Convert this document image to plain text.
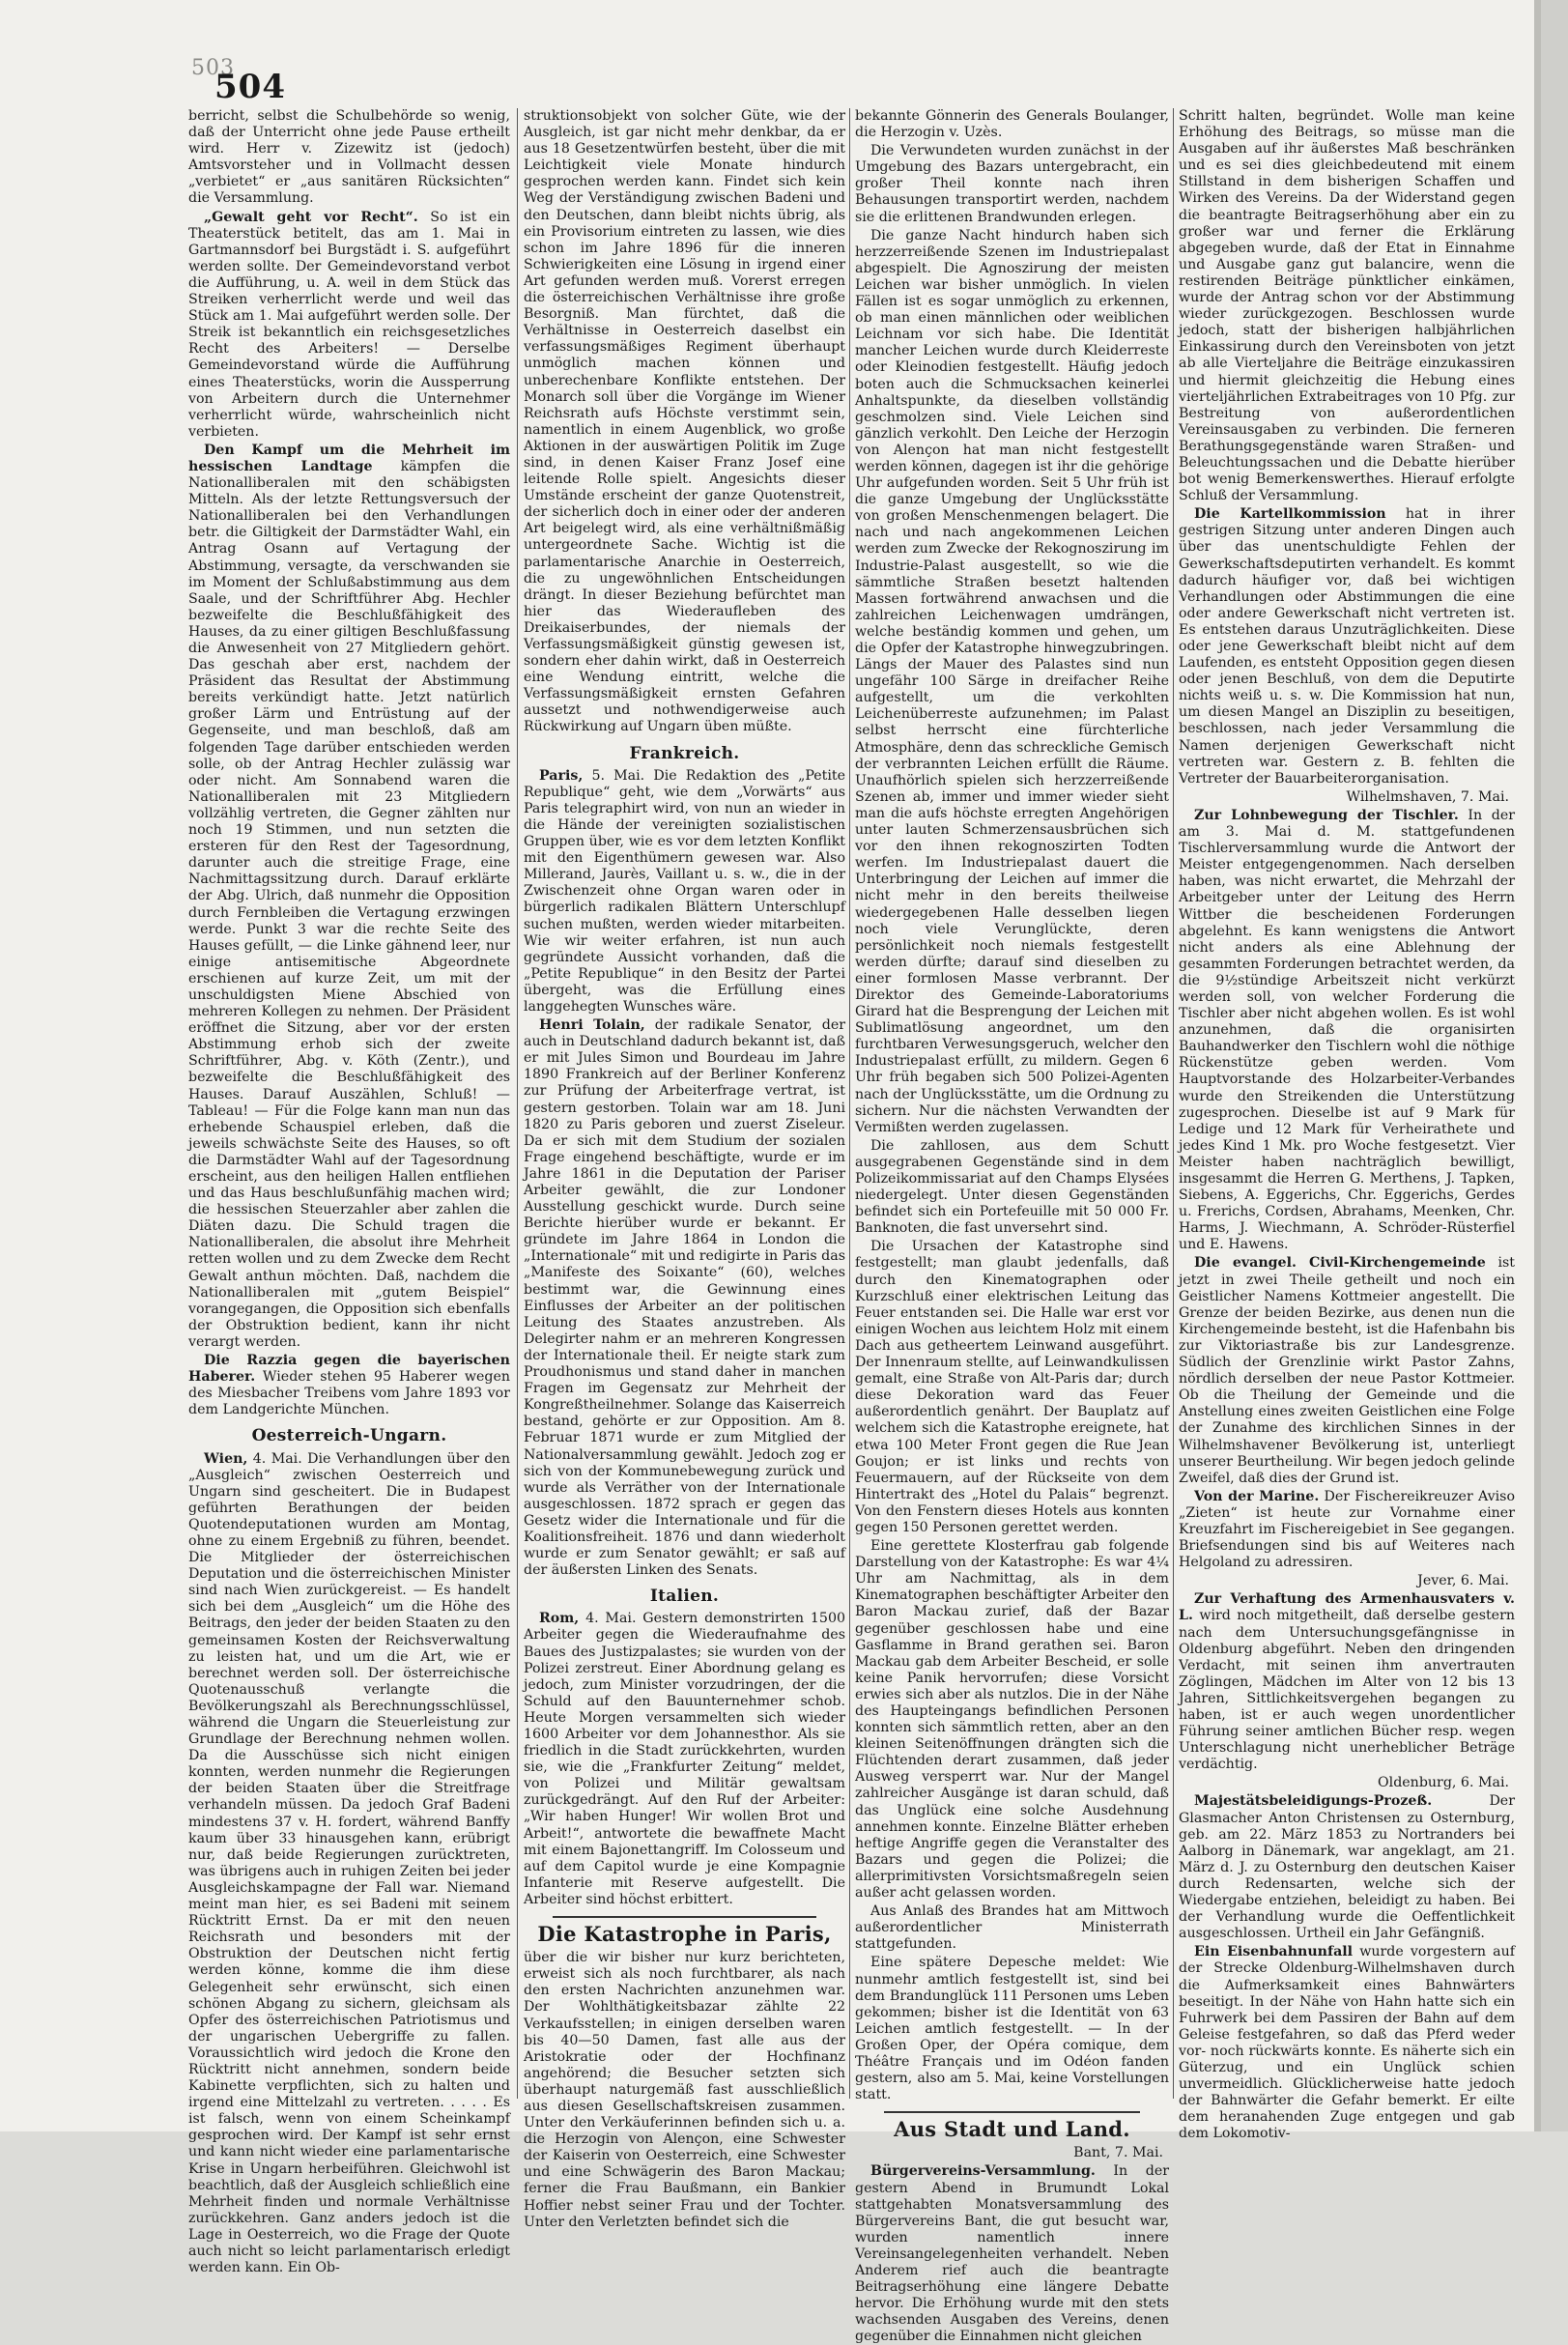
503
504

berricht, selbst die Schulbehörde so wenig, daß der Unterricht ohne jede Pause ertheilt wird. Herr v. Zizewitz ist (jedoch) Amtsvorsteher und in Vollmacht dessen „verbietet“ er „aus sanitären Rücksichten“ die Versammlung.

„Gewalt geht vor Recht“. So ist ein Theaterstück betitelt, das am 1. Mai in Gartmannsdorf bei Burgstädt i. S. aufgeführt werden sollte. Der Gemeindevorstand verbot die Aufführung, u. A. weil in dem Stück das Streiken verherrlicht werde und weil das Stück am 1. Mai aufgeführt werden solle. Der Streik ist bekanntlich ein reichsgesetzliches Recht des Arbeiters! — Derselbe Gemeindevorstand würde die Aufführung eines Theaterstücks, worin die Aussperrung von Arbeitern durch die Unternehmer verherrlicht würde, wahrscheinlich nicht verbieten.

Den Kampf um die Mehrheit im hessischen Landtage kämpfen die Nationalliberalen mit den schäbigsten Mitteln. Als der letzte Rettungsversuch der Nationalliberalen bei den Verhandlungen betr. die Giltigkeit der Darmstädter Wahl, ein Antrag Osann auf Vertagung der Abstimmung, versagte, da verschwanden sie im Moment der Schlußabstimmung aus dem Saale, und der Schriftführer Abg. Hechler bezweifelte die Beschlußfähigkeit des Hauses, da zu einer giltigen Beschlußfassung die Anwesenheit von 27 Mitgliedern gehört. Das geschah aber erst, nachdem der Präsident das Resultat der Abstimmung bereits verkündigt hatte. Jetzt natürlich großer Lärm und Entrüstung auf der Gegenseite, und man beschloß, daß am folgenden Tage darüber entschieden werden solle, ob der Antrag Hechler zulässig war oder nicht. Am Sonnabend waren die Nationalliberalen mit 23 Mitgliedern vollzählig vertreten, die Gegner zählten nur noch 19 Stimmen, und nun setzten die ersteren für den Rest der Tagesordnung, darunter auch die streitige Frage, eine Nachmittagssitzung durch. Darauf erklärte der Abg. Ulrich, daß nunmehr die Opposition durch Fernbleiben die Vertagung erzwingen werde. Punkt 3 war die rechte Seite des Hauses gefüllt, — die Linke gähnend leer, nur einige antisemitische Abgeordnete erschienen auf kurze Zeit, um mit der unschuldigsten Miene Abschied von mehreren Kollegen zu nehmen. Der Präsident eröffnet die Sitzung, aber vor der ersten Abstimmung erhob sich der zweite Schriftführer, Abg. v. Köth (Zentr.), und bezweifelte die Beschlußfähigkeit des Hauses. Darauf Auszählen, Schluß! — Tableau! — Für die Folge kann man nun das erhebende Schauspiel erleben, daß die jeweils schwächste Seite des Hauses, so oft die Darmstädter Wahl auf der Tagesordnung erscheint, aus den heiligen Hallen entfliehen und das Haus beschlußunfähig machen wird; die hessischen Steuerzahler aber zahlen die Diäten dazu. Die Schuld tragen die Nationalliberalen, die absolut ihre Mehrheit retten wollen und zu dem Zwecke dem Recht Gewalt anthun möchten. Daß, nachdem die Nationalliberalen mit „gutem Beispiel“ vorangegangen, die Opposition sich ebenfalls der Obstruktion bedient, kann ihr nicht verargt werden.

Die Razzia gegen die bayerischen Haberer. Wieder stehen 95 Haberer wegen des Miesbacher Treibens vom Jahre 1893 vor dem Landgerichte München.

Oesterreich-Ungarn.

Wien, 4. Mai. Die Verhandlungen über den „Ausgleich“ zwischen Oesterreich und Ungarn sind gescheitert. Die in Budapest geführten Berathungen der beiden Quotendeputationen wurden am Montag, ohne zu einem Ergebniß zu führen, beendet. Die Mitglieder der österreichischen Deputation und die österreichischen Minister sind nach Wien zurückgereist. — Es handelt sich bei dem „Ausgleich“ um die Höhe des Beitrags, den jeder der beiden Staaten zu den gemeinsamen Kosten der Reichsverwaltung zu leisten hat, und um die Art, wie er berechnet werden soll. Der österreichische Quotenausschuß verlangte die Bevölkerungszahl als Berechnungsschlüssel, während die Ungarn die Steuerleistung zur Grundlage der Berechnung nehmen wollen. Da die Ausschüsse sich nicht einigen konnten, werden nunmehr die Regierungen der beiden Staaten über die Streitfrage verhandeln müssen. Da jedoch Graf Badeni mindestens 37 v. H. fordert, während Banffy kaum über 33 hinausgehen kann, erübrigt nur, daß beide Regierungen zurücktreten, was übrigens auch in ruhigen Zeiten bei jeder Ausgleichskampagne der Fall war. Niemand meint man hier, es sei Badeni mit seinem Rücktritt Ernst. Da er mit den neuen Reichsrath und besonders mit der Obstruktion der Deutschen nicht fertig werden könne, komme die ihm diese Gelegenheit sehr erwünscht, sich einen schönen Abgang zu sichern, gleichsam als Opfer des österreichischen Patriotismus und der ungarischen Uebergriffe zu fallen. Voraussichtlich wird jedoch die Krone den Rücktritt nicht annehmen, sondern beide Kabinette verpflichten, sich zu halten und irgend eine Mittelzahl zu vertreten. . . . . Es ist falsch, wenn von einem Scheinkampf gesprochen wird. Der Kampf ist sehr ernst und kann nicht wieder eine parlamentarische Krise in Ungarn herbeiführen. Gleichwohl ist beachtlich, daß der Ausgleich schließlich eine Mehrheit finden und normale Verhältnisse zurückkehren. Ganz anders jedoch ist die Lage in Oesterreich, wo die Frage der Quote auch nicht so leicht parlamentarisch erledigt werden kann. Ein Ob-

struktionsobjekt von solcher Güte, wie der Ausgleich, ist gar nicht mehr denkbar, da er aus 18 Gesetzentwürfen besteht, über die mit Leichtigkeit viele Monate hindurch gesprochen werden kann. Findet sich kein Weg der Verständigung zwischen Badeni und den Deutschen, dann bleibt nichts übrig, als ein Provisorium eintreten zu lassen, wie dies schon im Jahre 1896 für die inneren Schwierigkeiten eine Lösung in irgend einer Art gefunden werden muß. Vorerst erregen die österreichischen Verhältnisse ihre große Besorgniß. Man fürchtet, daß die Verhältnisse in Oesterreich daselbst ein verfassungsmäßiges Regiment überhaupt unmöglich machen können und unberechenbare Konflikte entstehen. Der Monarch soll über die Vorgänge im Wiener Reichsrath aufs Höchste verstimmt sein, namentlich in einem Augenblick, wo große Aktionen in der auswärtigen Politik im Zuge sind, in denen Kaiser Franz Josef eine leitende Rolle spielt. Angesichts dieser Umstände erscheint der ganze Quotenstreit, der sicherlich doch in einer oder der anderen Art beigelegt wird, als eine verhältnißmäßig untergeordnete Sache. Wichtig ist die parlamentarische Anarchie in Oesterreich, die zu ungewöhnlichen Entscheidungen drängt. In dieser Beziehung befürchtet man hier das Wiederaufleben des Dreikaiserbundes, der niemals der Verfassungsmäßigkeit günstig gewesen ist, sondern eher dahin wirkt, daß in Oesterreich eine Wendung eintritt, welche die Verfassungsmäßigkeit ernsten Gefahren aussetzt und nothwendigerweise auch Rückwirkung auf Ungarn üben müßte.

Frankreich.

Paris, 5. Mai. Die Redaktion des „Petite Republique“ geht, wie dem „Vorwärts“ aus Paris telegraphirt wird, von nun an wieder in die Hände der vereinigten sozialistischen Gruppen über, wie es vor dem letzten Konflikt mit den Eigenthümern gewesen war. Also Millerand, Jaurès, Vaillant u. s. w., die in der Zwischenzeit ohne Organ waren oder in bürgerlich radikalen Blättern Unterschlupf suchen mußten, werden wieder mitarbeiten. Wie wir weiter erfahren, ist nun auch gegründete Aussicht vorhanden, daß die „Petite Republique“ in den Besitz der Partei übergeht, was die Erfüllung eines langgehegten Wunsches wäre.

Henri Tolain, der radikale Senator, der auch in Deutschland dadurch bekannt ist, daß er mit Jules Simon und Bourdeau im Jahre 1890 Frankreich auf der Berliner Konferenz zur Prüfung der Arbeiterfrage vertrat, ist gestern gestorben. Tolain war am 18. Juni 1820 zu Paris geboren und zuerst Ziseleur. Da er sich mit dem Studium der sozialen Frage eingehend beschäftigte, wurde er im Jahre 1861 in die Deputation der Pariser Arbeiter gewählt, die zur Londoner Ausstellung geschickt wurde. Durch seine Berichte hierüber wurde er bekannt. Er gründete im Jahre 1864 in London die „Internationale“ mit und redigirte in Paris das „Manifeste des Soixante“ (60), welches bestimmt war, die Gewinnung eines Einflusses der Arbeiter an der politischen Leitung des Staates anzustreben. Als Delegirter nahm er an mehreren Kongressen der Internationale theil. Er neigte stark zum Proudhonismus und stand daher in manchen Fragen im Gegensatz zur Mehrheit der Kongreßtheilnehmer. Solange das Kaiserreich bestand, gehörte er zur Opposition. Am 8. Februar 1871 wurde er zum Mitglied der Nationalversammlung gewählt. Jedoch zog er sich von der Kommunebewegung zurück und wurde als Verräther von der Internationale ausgeschlossen. 1872 sprach er gegen das Gesetz wider die Internationale und für die Koalitionsfreiheit. 1876 und dann wiederholt wurde er zum Senator gewählt; er saß auf der äußersten Linken des Senats.

Italien.

Rom, 4. Mai. Gestern demonstrirten 1500 Arbeiter gegen die Wiederaufnahme des Baues des Justizpalastes; sie wurden von der Polizei zerstreut. Einer Abordnung gelang es jedoch, zum Minister vorzudringen, der die Schuld auf den Bauunternehmer schob. Heute Morgen versammelten sich wieder 1600 Arbeiter vor dem Johannesthor. Als sie friedlich in die Stadt zurückkehrten, wurden sie, wie die „Frankfurter Zeitung“ meldet, von Polizei und Militär gewaltsam zurückgedrängt. Auf den Ruf der Arbeiter: „Wir haben Hunger! Wir wollen Brot und Arbeit!“, antwortete die bewaffnete Macht mit einem Bajonettangriff. Im Colosseum und auf dem Capitol wurde je eine Kompagnie Infanterie mit Reserve aufgestellt. Die Arbeiter sind höchst erbittert.

Die Katastrophe in Paris,

über die wir bisher nur kurz berichteten, erweist sich als noch furchtbarer, als nach den ersten Nachrichten anzunehmen war. Der Wohlthätigkeitsbazar zählte 22 Verkaufsstellen; in einigen derselben waren bis 40—50 Damen, fast alle aus der Aristokratie oder der Hochfinanz angehörend; die Besucher setzten sich überhaupt naturgemäß fast ausschließlich aus diesen Gesellschaftskreisen zusammen. Unter den Verkäuferinnen befinden sich u. a. die Herzogin von Alençon, eine Schwester der Kaiserin von Oesterreich, eine Schwester und eine Schwägerin des Baron Mackau; ferner die Frau Baußmann, ein Bankier Hoffier nebst seiner Frau und der Tochter. Unter den Verletzten befindet sich die

bekannte Gönnerin des Generals Boulanger, die Herzogin v. Uzès.

Die Verwundeten wurden zunächst in der Umgebung des Bazars untergebracht, ein großer Theil konnte nach ihren Behausungen transportirt werden, nachdem sie die erlittenen Brandwunden erlegen.

Die ganze Nacht hindurch haben sich herzzerreißende Szenen im Industriepalast abgespielt. Die Agnoszirung der meisten Leichen war bisher unmöglich. In vielen Fällen ist es sogar unmöglich zu erkennen, ob man einen männlichen oder weiblichen Leichnam vor sich habe. Die Identität mancher Leichen wurde durch Kleiderreste oder Kleinodien festgestellt. Häufig jedoch boten auch die Schmucksachen keinerlei Anhaltspunkte, da dieselben vollständig geschmolzen sind. Viele Leichen sind gänzlich verkohlt. Den Leiche der Herzogin von Alençon hat man nicht festgestellt werden können, dagegen ist ihr die gehörige Uhr aufgefunden worden. Seit 5 Uhr früh ist die ganze Umgebung der Unglücksstätte von großen Menschenmengen belagert. Die nach und nach angekommenen Leichen werden zum Zwecke der Rekognoszirung im Industrie-Palast ausgestellt, so wie die sämmtliche Straßen besetzt haltenden Massen fortwährend anwachsen und die zahlreichen Leichenwagen umdrängen, welche beständig kommen und gehen, um die Opfer der Katastrophe hinwegzubringen. Längs der Mauer des Palastes sind nun ungefähr 100 Särge in dreifacher Reihe aufgestellt, um die verkohlten Leichenüberreste aufzunehmen; im Palast selbst herrscht eine fürchterliche Atmosphäre, denn das schreckliche Gemisch der verbrannten Leichen erfüllt die Räume. Unaufhörlich spielen sich herzzerreißende Szenen ab, immer und immer wieder sieht man die aufs höchste erregten Angehörigen unter lauten Schmerzensausbrüchen sich vor den ihnen rekognoszirten Todten werfen. Im Industriepalast dauert die Unterbringung der Leichen auf immer die nicht mehr in den bereits theilweise wiedergegebenen Halle desselben liegen noch viele Verunglückte, deren persönlichkeit noch niemals festgestellt werden dürfte; darauf sind dieselben zu einer formlosen Masse verbrannt. Der Direktor des Gemeinde-Laboratoriums Girard hat die Besprengung der Leichen mit Sublimatlösung angeordnet, um den furchtbaren Verwesungsgeruch, welcher den Industriepalast erfüllt, zu mildern. Gegen 6 Uhr früh begaben sich 500 Polizei-Agenten nach der Unglücksstätte, um die Ordnung zu sichern. Nur die nächsten Verwandten der Vermißten werden zugelassen.

Die zahllosen, aus dem Schutt ausgegrabenen Gegenstände sind in dem Polizeikommissariat auf den Champs Elysées niedergelegt. Unter diesen Gegenständen befindet sich ein Portefeuille mit 50 000 Fr. Banknoten, die fast unversehrt sind.

Die Ursachen der Katastrophe sind festgestellt; man glaubt jedenfalls, daß durch den Kinematographen oder Kurzschluß einer elektrischen Leitung das Feuer entstanden sei. Die Halle war erst vor einigen Wochen aus leichtem Holz mit einem Dach aus getheertem Leinwand ausgeführt. Der Innenraum stellte, auf Leinwandkulissen gemalt, eine Straße von Alt-Paris dar; durch diese Dekoration ward das Feuer außerordentlich genährt. Der Bauplatz auf welchem sich die Katastrophe ereignete, hat etwa 100 Meter Front gegen die Rue Jean Goujon; er ist links und rechts von Feuermauern, auf der Rückseite von dem Hintertrakt des „Hotel du Palais“ begrenzt. Von den Fenstern dieses Hotels aus konnten gegen 150 Personen gerettet werden.

Eine gerettete Klosterfrau gab folgende Darstellung von der Katastrophe: Es war 4¼ Uhr am Nachmittag, als in dem Kinematographen beschäftigter Arbeiter den Baron Mackau zurief, daß der Bazar gegenüber geschlossen habe und eine Gasflamme in Brand gerathen sei. Baron Mackau gab dem Arbeiter Bescheid, er solle keine Panik hervorrufen; diese Vorsicht erwies sich aber als nutzlos. Die in der Nähe des Haupteingangs befindlichen Personen konnten sich sämmtlich retten, aber an den kleinen Seitenöffnungen drängten sich die Flüchtenden derart zusammen, daß jeder Ausweg versperrt war. Nur der Mangel zahlreicher Ausgänge ist daran schuld, daß das Unglück eine solche Ausdehnung annehmen konnte. Einzelne Blätter erheben heftige Angriffe gegen die Veranstalter des Bazars und gegen die Polizei; die allerprimitivsten Vorsichtsmaßregeln seien außer acht gelassen worden.

Aus Anlaß des Brandes hat am Mittwoch außerordentlicher Ministerrath stattgefunden.

Eine spätere Depesche meldet: Wie nunmehr amtlich festgestellt ist, sind bei dem Brandunglück 111 Personen ums Leben gekommen; bisher ist die Identität von 63 Leichen amtlich festgestellt. — In der Großen Oper, der Opéra comique, dem Théâtre Français und im Odéon fanden gestern, also am 5. Mai, keine Vorstellungen statt.

Aus Stadt und Land.
Bant, 7. Mai.

Bürgervereins-Versammlung. In der gestern Abend in Brumundt Lokal stattgehabten Monatsversammlung des Bürgervereins Bant, die gut besucht war, wurden namentlich innere Vereinsangelegenheiten verhandelt. Neben Anderem rief auch die beantragte Beitragserhöhung eine längere Debatte hervor. Die Erhöhung wurde mit den stets wachsenden Ausgaben des Vereins, denen gegenüber die Einnahmen nicht gleichen

Schritt halten, begründet. Wolle man keine Erhöhung des Beitrags, so müsse man die Ausgaben auf ihr äußerstes Maß beschränken und es sei dies gleichbedeutend mit einem Stillstand in dem bisherigen Schaffen und Wirken des Vereins. Da der Widerstand gegen die beantragte Beitragserhöhung aber ein zu großer war und ferner die Erklärung abgegeben wurde, daß der Etat in Einnahme und Ausgabe ganz gut balancire, wenn die restirenden Beiträge pünktlicher einkämen, wurde der Antrag schon vor der Abstimmung wieder zurückgezogen. Beschlossen wurde jedoch, statt der bisherigen halbjährlichen Einkassirung durch den Vereinsboten von jetzt ab alle Vierteljahre die Beiträge einzukassiren und hiermit gleichzeitig die Hebung eines vierteljährlichen Extrabeitrages von 10 Pfg. zur Bestreitung von außerordentlichen Vereinsausgaben zu verbinden. Die ferneren Berathungsgegenstände waren Straßen- und Beleuchtungssachen und die Debatte hierüber bot wenig Bemerkenswerthes. Hierauf erfolgte Schluß der Versammlung.

Die Kartellkommission hat in ihrer gestrigen Sitzung unter anderen Dingen auch über das unentschuldigte Fehlen der Gewerkschaftsdeputirten verhandelt. Es kommt dadurch häufiger vor, daß bei wichtigen Verhandlungen oder Abstimmungen die eine oder andere Gewerkschaft nicht vertreten ist. Es entstehen daraus Unzuträglichkeiten. Diese oder jene Gewerkschaft bleibt nicht auf dem Laufenden, es entsteht Opposition gegen diesen oder jenen Beschluß, von dem die Deputirte nichts weiß u. s. w. Die Kommission hat nun, um diesen Mangel an Disziplin zu beseitigen, beschlossen, nach jeder Versammlung die Namen derjenigen Gewerkschaft nicht vertreten war. Gestern z. B. fehlten die Vertreter der Bauarbeiterorganisation.

Wilhelmshaven, 7. Mai.

Zur Lohnbewegung der Tischler. In der am 3. Mai d. M. stattgefundenen Tischlerversammlung wurde die Antwort der Meister entgegengenommen. Nach derselben haben, was nicht erwartet, die Mehrzahl der Arbeitgeber unter der Leitung des Herrn Wittber die bescheidenen Forderungen abgelehnt. Es kann wenigstens die Antwort nicht anders als eine Ablehnung der gesammten Forderungen betrachtet werden, da die 9½stündige Arbeitszeit nicht verkürzt werden soll, von welcher Forderung die Tischler aber nicht abgehen wollen. Es ist wohl anzunehmen, daß die organisirten Bauhandwerker den Tischlern wohl die nöthige Rückenstütze geben werden. Vom Hauptvorstande des Holzarbeiter-Verbandes wurde den Streikenden die Unterstützung zugesprochen. Dieselbe ist auf 9 Mark für Ledige und 12 Mark für Verheirathete und jedes Kind 1 Mk. pro Woche festgesetzt. Vier Meister haben nachträglich bewilligt, insgesammt die Herren G. Merthens, J. Tapken, Siebens, A. Eggerichs, Chr. Eggerichs, Gerdes u. Frerichs, Cordsen, Abrahams, Meenken, Chr. Harms, J. Wiechmann, A. Schröder-Rüsterfiel und E. Hawens.

Die evangel. Civil-Kirchengemeinde ist jetzt in zwei Theile getheilt und noch ein Geistlicher Namens Kottmeier angestellt. Die Grenze der beiden Bezirke, aus denen nun die Kirchengemeinde besteht, ist die Hafenbahn bis zur Viktoriastraße bis zur Landesgrenze. Südlich der Grenzlinie wirkt Pastor Zahns, nördlich derselben der neue Pastor Kottmeier. Ob die Theilung der Gemeinde und die Anstellung eines zweiten Geistlichen eine Folge der Zunahme des kirchlichen Sinnes in der Wilhelmshavener Bevölkerung ist, unterliegt unserer Beurtheilung. Wir begen jedoch gelinde Zweifel, daß dies der Grund ist.

Von der Marine. Der Fischereikreuzer Aviso „Zieten“ ist heute zur Vornahme einer Kreuzfahrt im Fischereigebiet in See gegangen. Briefsendungen sind bis auf Weiteres nach Helgoland zu adressiren.

Jever, 6. Mai.

Zur Verhaftung des Armenhausvaters v. L. wird noch mitgetheilt, daß derselbe gestern nach dem Untersuchungsgefängnisse in Oldenburg abgeführt. Neben den dringenden Verdacht, mit seinen ihm anvertrauten Zöglingen, Mädchen im Alter von 12 bis 13 Jahren, Sittlichkeitsvergehen begangen zu haben, ist er auch wegen unordentlicher Führung seiner amtlichen Bücher resp. wegen Unterschlagung nicht unerheblicher Beträge verdächtig.

Oldenburg, 6. Mai.

Majestätsbeleidigungs-Prozeß.	Der Glasmacher Anton Christensen zu Osternburg, geb. am 22. März 1853 zu Nortranders bei Aalborg in Dänemark, war angeklagt, am 21. März d. J. zu Osternburg den deutschen Kaiser durch Redensarten, welche sich der Wiedergabe entziehen, beleidigt zu haben. Bei der Verhandlung wurde die Oeffentlichkeit ausgeschlossen. Urtheil ein Jahr Gefängniß.

Ein Eisenbahnunfall wurde vorgestern auf der Strecke Oldenburg-Wilhelmshaven durch die Aufmerksamkeit eines Bahnwärters beseitigt. In der Nähe von Hahn hatte sich ein Fuhrwerk bei dem Passiren der Bahn auf dem Geleise festgefahren, so daß das Pferd weder vor- noch rückwärts konnte. Es näherte sich ein Güterzug, und ein Unglück schien unvermeidlich. Glücklicherweise hatte jedoch der Bahnwärter die Gefahr bemerkt. Er eilte dem heranahenden Zuge entgegen und gab dem Lokomotiv-
